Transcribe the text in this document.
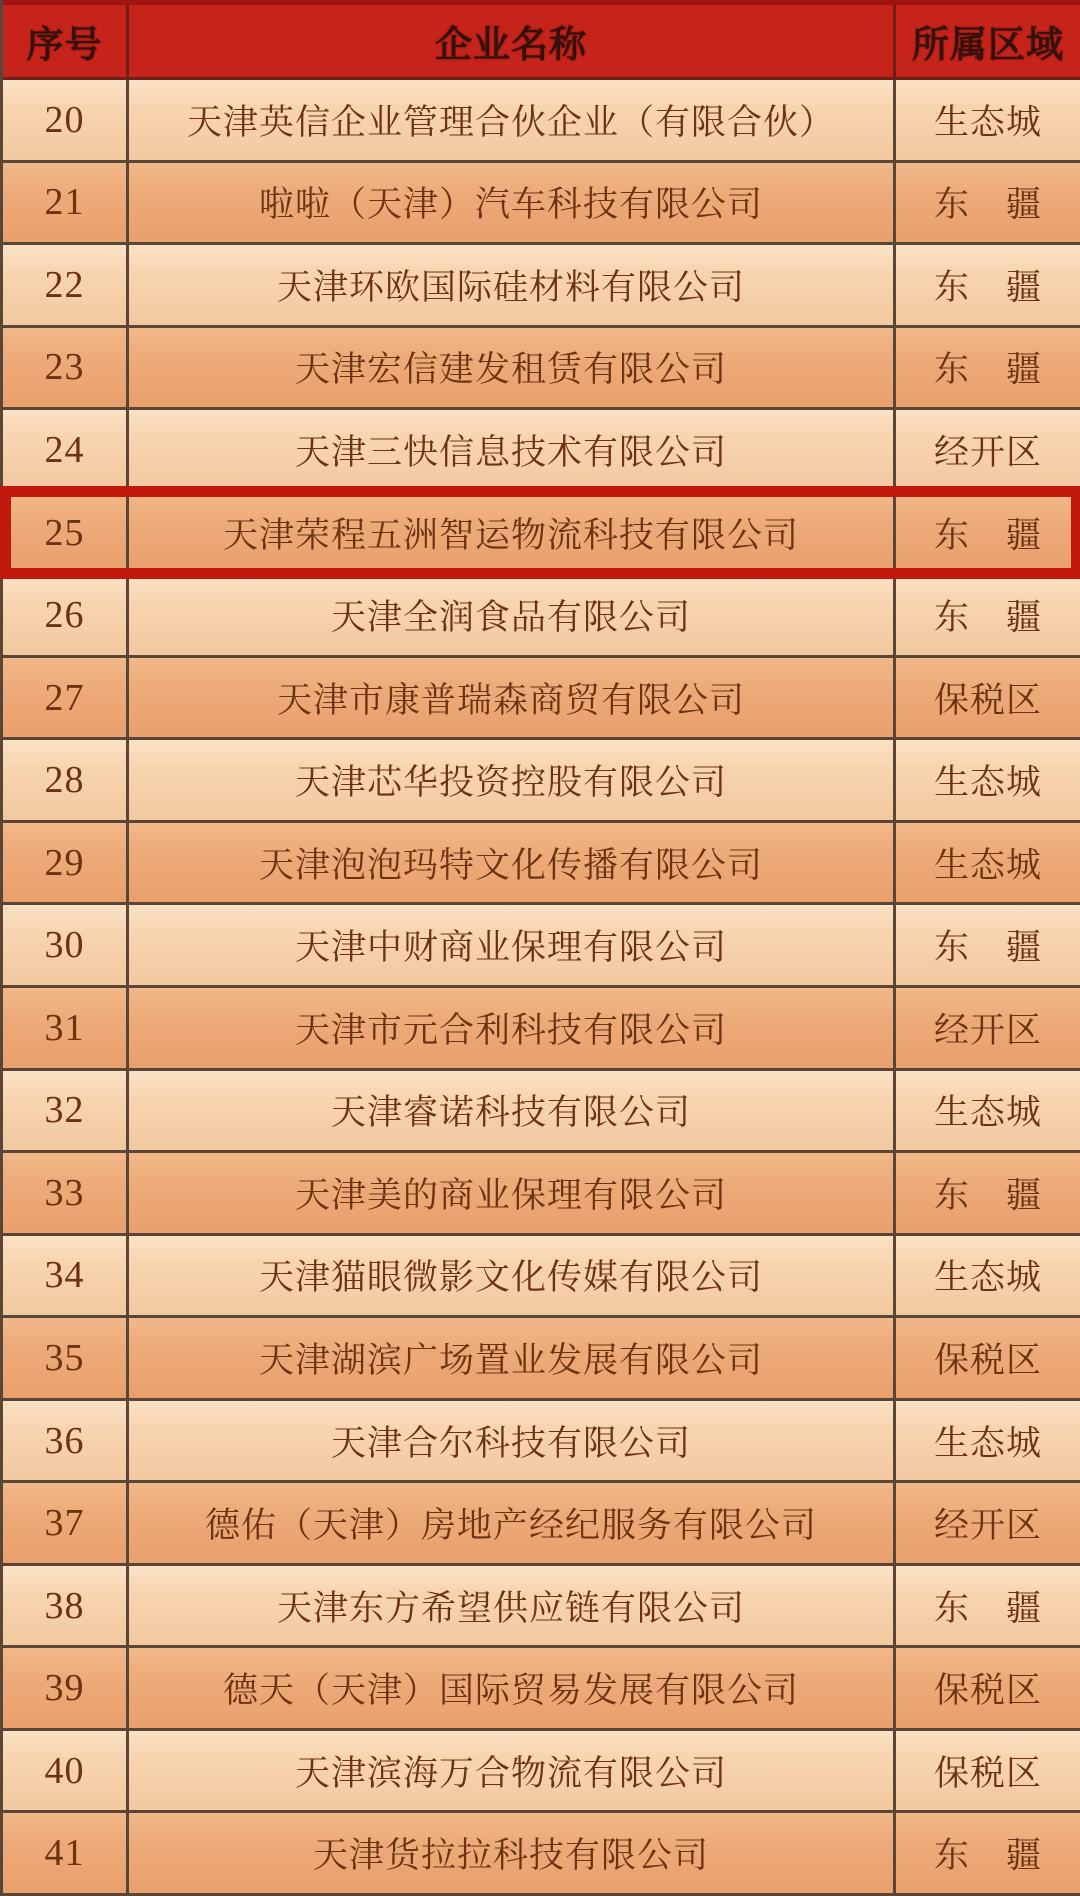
序号	企业名称	所属区域
20	天津英信企业管理合伙企业（有限合伙）	生态城
21	啦啦（天津）汽车科技有限公司	东　疆
22	天津环欧国际硅材料有限公司	东　疆
23	天津宏信建发租赁有限公司	东　疆
24	天津三快信息技术有限公司	经开区
25	天津荣程五洲智运物流科技有限公司	东　疆
26	天津全润食品有限公司	东　疆
27	天津市康普瑞森商贸有限公司	保税区
28	天津芯华投资控股有限公司	生态城
29	天津泡泡玛特文化传播有限公司	生态城
30	天津中财商业保理有限公司	东　疆
31	天津市元合利科技有限公司	经开区
32	天津睿诺科技有限公司	生态城
33	天津美的商业保理有限公司	东　疆
34	天津猫眼微影文化传媒有限公司	生态城
35	天津湖滨广场置业发展有限公司	保税区
36	天津合尔科技有限公司	生态城
37	德佑（天津）房地产经纪服务有限公司	经开区
38	天津东方希望供应链有限公司	东　疆
39	德天（天津）国际贸易发展有限公司	保税区
40	天津滨海万合物流有限公司	保税区
41	天津货拉拉科技有限公司	东　疆
